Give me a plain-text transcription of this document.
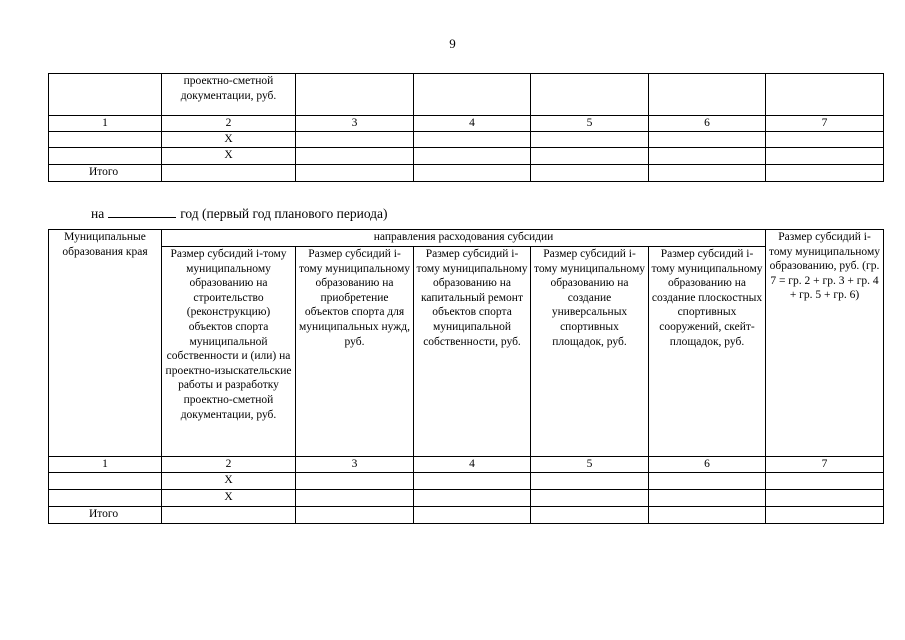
9
	проектно-сметной документации, руб.					
1	2	3	4	5	6	7
	Х					
	Х					
Итого						
на	год (первый год планового периода)
Муниципальные образования края	направления расходования субсидии					Размер субсидий i-тому муниципальному образованию, руб. (гр. 7 = гр. 2 + гр. 3 + гр. 4 + гр. 5 + гр. 6)
	Размер субсидий i-тому муниципальному образованию на строительство (реконструкцию) объектов спорта муниципальной собственности и (или) на проектно-изыскательские работы и разработку проектно-сметной документации, руб.	Размер субсидий i-тому муниципальному образованию на приобретение объектов спорта для муниципальных нужд, руб.	Размер субсидий i-тому муниципальному образованию на капитальный ремонт объектов спорта муниципальной собственности, руб.	Размер субсидий i-тому муниципальному образованию на создание универсальных спортивных площадок, руб.	Размер субсидий i-тому муниципальному образованию на создание плоскостных спортивных сооружений, скейт-площадок, руб.	
1	2	3	4	5	6	7
	Х					
	Х					
Итого						
